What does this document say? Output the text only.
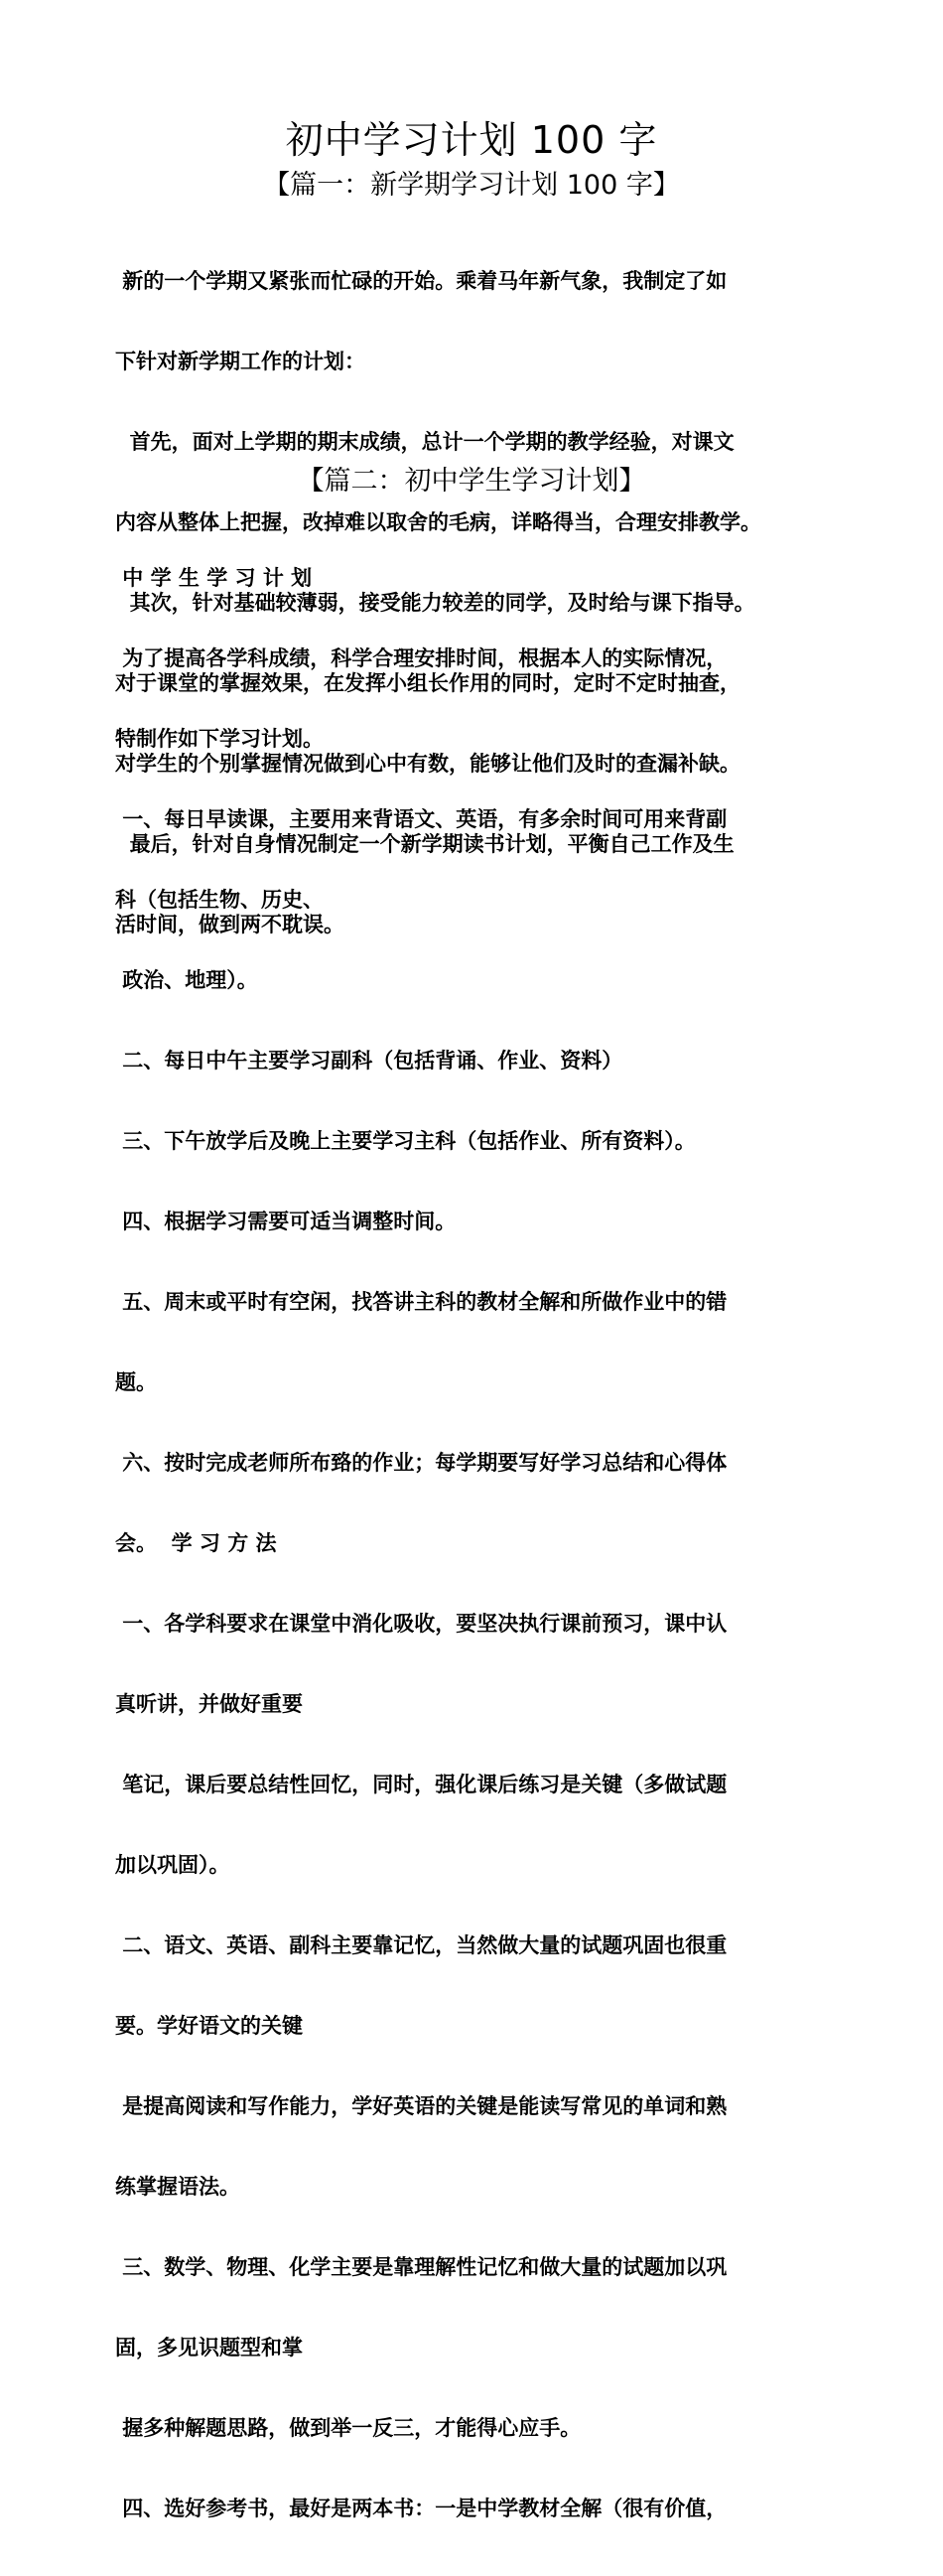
初中学习计划 100 字
【篇一：新学期学习计划 100 字】

新的一个学期又紧张而忙碌的开始。乘着马年新气象，我制定了如

下针对新学期工作的计划：

首先，面对上学期的期末成绩，总计一个学期的教学经验，对课文

内容从整体上把握，改掉难以取舍的毛病，详略得当，合理安排教学。

其次，针对基础较薄弱，接受能力较差的同学，及时给与课下指导。

对于课堂的掌握效果，在发挥小组长作用的同时，定时不定时抽查，

对学生的个别掌握情况做到心中有数，能够让他们及时的查漏补缺。

最后，针对自身情况制定一个新学期读书计划，平衡自己工作及生

活时间，做到两不耽误。

【篇二：初中学生学习计划】

中 学 生 学 习 计 划

为了提高各学科成绩，科学合理安排时间，根据本人的实际情况，

特制作如下学习计划。

一、每日早读课，主要用来背语文、英语，有多余时间可用来背副

科（包括生物、历史、

政治、地理）。

二、每日中午主要学习副科（包括背诵、作业、资料）

三、下午放学后及晚上主要学习主科（包括作业、所有资料）。

四、根据学习需要可适当调整时间。

五、周末或平时有空闲，找答讲主科的教材全解和所做作业中的错

题。

六、按时完成老师所布臵的作业；每学期要写好学习总结和心得体

会。  学 习 方 法

一、各学科要求在课堂中消化吸收，要坚决执行课前预习，课中认

真听讲，并做好重要

笔记，课后要总结性回忆，同时，强化课后练习是关键（多做试题

加以巩固）。

二、语文、英语、副科主要靠记忆，当然做大量的试题巩固也很重

要。学好语文的关键

是提高阅读和写作能力，学好英语的关键是能读写常见的单词和熟

练掌握语法。

三、数学、物理、化学主要是靠理解性记忆和做大量的试题加以巩

固，多见识题型和掌

握多种解题思路，做到举一反三，才能得心应手。

四、选好参考书，最好是两本书：一是中学教材全解（很有价值，
